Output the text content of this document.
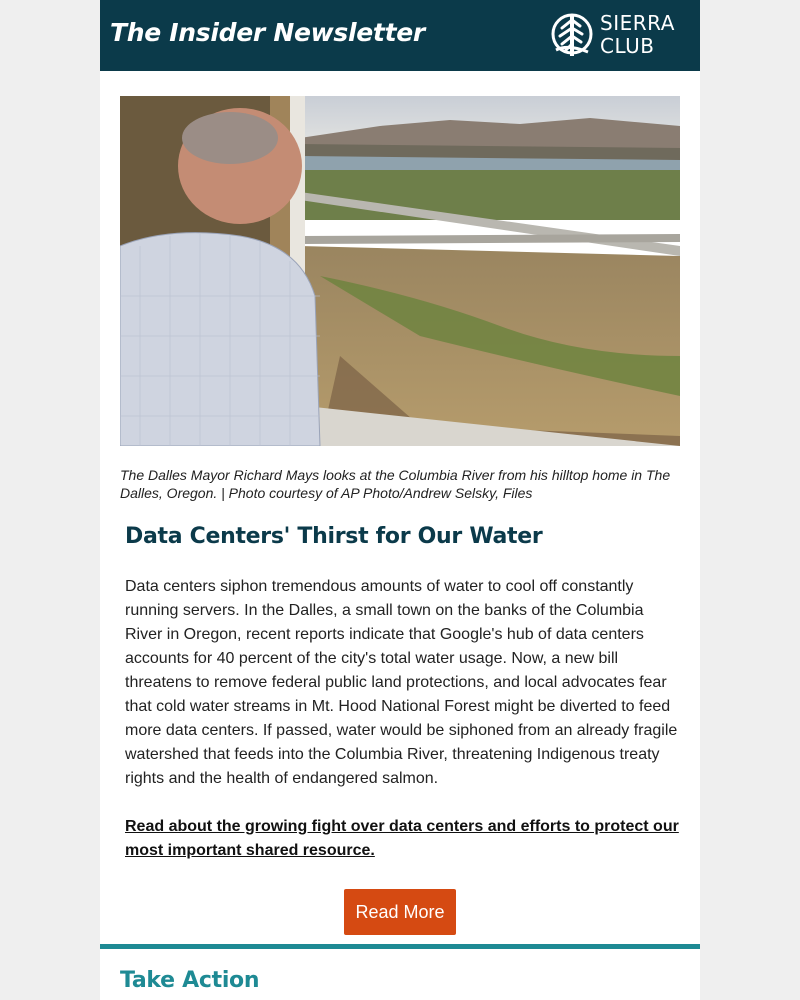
The Insider Newsletter	SIERRA
CLUB
The Dalles Mayor Richard Mays looks at the Columbia River from his hilltop home in The Dalles, Oregon. | Photo courtesy of AP Photo/Andrew Selsky, Files
Data Centers' Thirst for Our Water
Data centers siphon tremendous amounts of water to cool off constantly running servers. In the Dalles, a small town on the banks of the Columbia River in Oregon, recent reports indicate that Google's hub of data centers accounts for 40 percent of the city's total water usage. Now, a new bill threatens to remove federal public land protections, and local advocates fear that cold water streams in Mt. Hood National Forest might be diverted to feed more data centers. If passed, water would be siphoned from an already fragile watershed that feeds into the Columbia River, threatening Indigenous treaty rights and the health of endangered salmon.
Read about the growing fight over data centers and efforts to protect our most important shared resource.
Read More
Take Action
